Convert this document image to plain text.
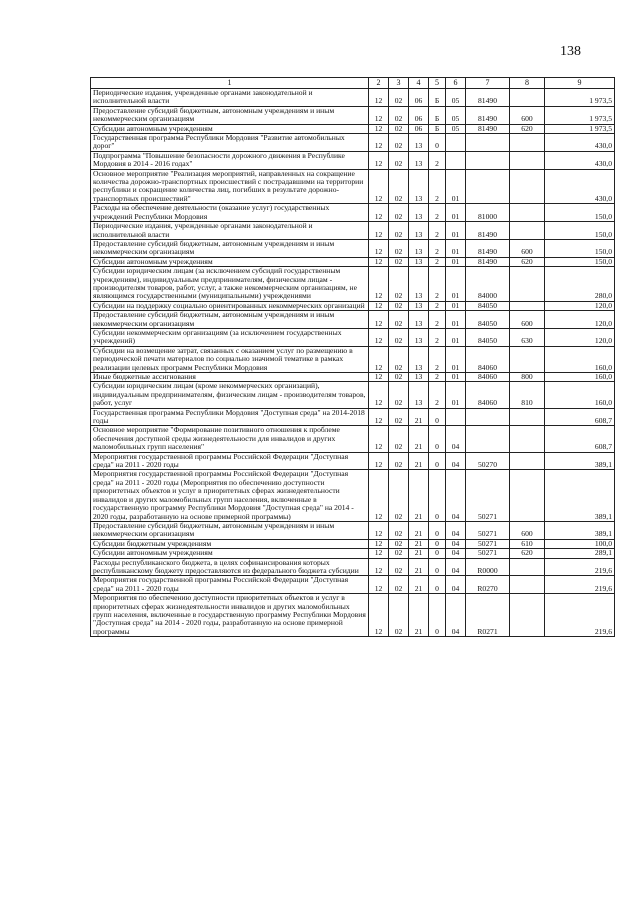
138
1	2	3	4	5	6	7	8	9
Периодические издания, учрежденные органами законодательной и исполнительной власти	12	02	06	Б	05	81490		1 973,5
Предоставление субсидий бюджетным, автономным учреждениям и иным некоммерческим организациям	12	02	06	Б	05	81490	600	1 973,5
Субсидии автономным учреждениям	12	02	06	Б	05	81490	620	1 973,5
Государственная программа Республики Мордовия "Развитие автомобильных дорог"	12	02	13	0				430,0
Подпрограмма "Повышение безопасности дорожного движения в Республике Мордовия в 2014 - 2016 годах"	12	02	13	2				430,0
Основное мероприятие "Реализация мероприятий, направленных на сокращение количества дорожно-транспортных происшествий с пострадавшими на территории республики и сокращение количества лиц, погибших в результате дорожно-транспортных происшествий"	12	02	13	2	01			430,0
Расходы на обеспечение деятельности (оказание услуг) государственных учреждений Республики Мордовия	12	02	13	2	01	81000		150,0
Периодические издания, учрежденные органами законодательной и исполнительной власти	12	02	13	2	01	81490		150,0
Предоставление субсидий бюджетным, автономным учреждениям и иным некоммерческим организациям	12	02	13	2	01	81490	600	150,0
Субсидии автономным учреждениям	12	02	13	2	01	81490	620	150,0
Субсидии юридическим лицам (за исключением субсидий государственным учреждениям), индивидуальным предпринимателям, физическим лицам - производителям товаров, работ, услуг, а также некоммерческим организациям, не являющимся государственными (муниципальными) учреждениями	12	02	13	2	01	84000		280,0
Субсидии на поддержку социально ориентированных некоммерческих организаций	12	02	13	2	01	84050		120,0
Предоставление субсидий бюджетным, автономным учреждениям и иным некоммерческим организациям	12	02	13	2	01	84050	600	120,0
Субсидии некоммерческим организациям (за исключением государственных учреждений)	12	02	13	2	01	84050	630	120,0
Субсидии на возмещение затрат, связанных с оказанием услуг по размещению в периодической печати материалов по социально значимой тематике в рамках реализации целевых программ Республики Мордовия	12	02	13	2	01	84060		160,0
Иные бюджетные ассигнования	12	02	13	2	01	84060	800	160,0
Субсидии юридическим лицам (кроме некоммерческих организаций), индивидуальным предпринимателям, физическим лицам - производителям товаров, работ, услуг	12	02	13	2	01	84060	810	160,0
Государственная программа Республики Мордовия "Доступная среда" на 2014-2018 годы	12	02	21	0				608,7
Основное мероприятие "Формирование позитивного отношения к проблеме обеспечения доступной среды жизнедеятельности для инвалидов и других маломобильных групп населения"	12	02	21	0	04			608,7
Мероприятия государственной программы Российской Федерации "Доступная среда" на 2011 - 2020 годы	12	02	21	0	04	50270		389,1
Мероприятия государственной программы Российской Федерации "Доступная среда" на 2011 - 2020 годы (Мероприятия по обеспечению доступности приоритетных объектов и услуг в приоритетных сферах жизнедеятельности инвалидов и других маломобильных групп населения, включенные в государственную программу Республики Мордовия "Доступная среда" на 2014 - 2020 годы, разработанную на основе примерной программы)	12	02	21	0	04	50271		389,1
Предоставление субсидий бюджетным, автономным учреждениям и иным некоммерческим организациям	12	02	21	0	04	50271	600	389,1
Субсидии бюджетным учреждениям	12	02	21	0	04	50271	610	100,0
Субсидии автономным учреждениям	12	02	21	0	04	50271	620	289,1
Расходы республиканского бюджета, в целях софинансирования которых республиканскому бюджету предоставляются из федерального бюджета субсидии	12	02	21	0	04	R0000		219,6
Мероприятия государственной программы Российской Федерации "Доступная среда" на 2011 - 2020 годы	12	02	21	0	04	R0270		219,6
Мероприятия по обеспечению доступности приоритетных объектов и услуг в приоритетных сферах жизнедеятельности инвалидов и других маломобильных групп населения, включенные в государственную программу Республики Мордовия "Доступная среда" на 2014 - 2020 годы, разработанную на основе примерной программы	12	02	21	0	04	R0271		219,6
